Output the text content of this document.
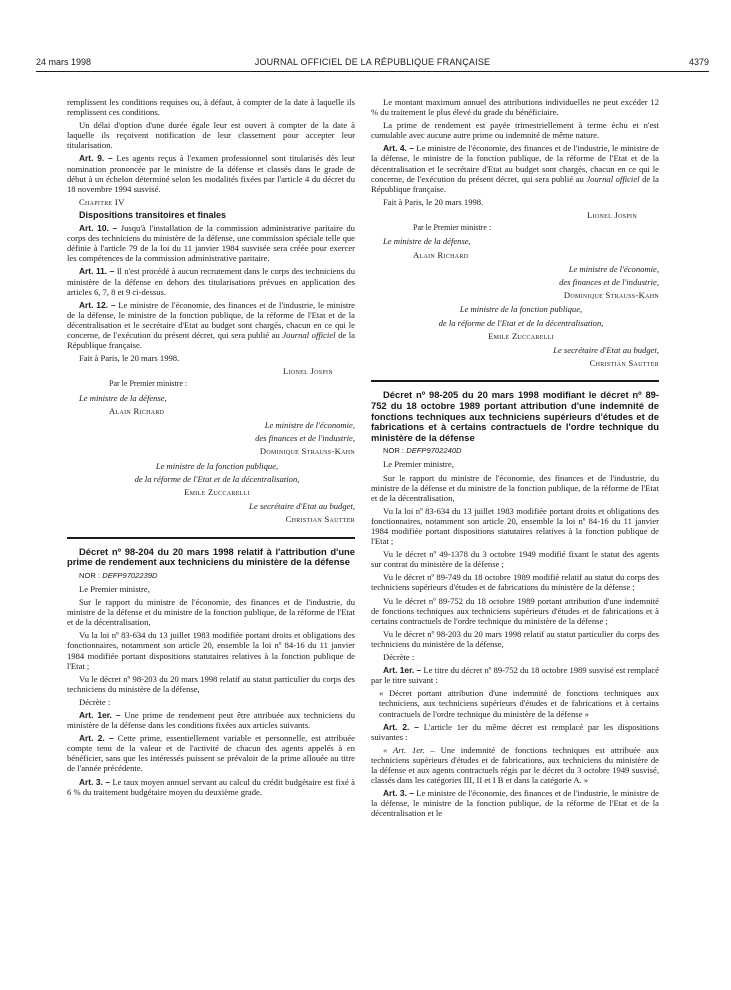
24 mars 1998	JOURNAL OFFICIEL DE LA RÉPUBLIQUE FRANÇAISE	4379

remplissent les conditions requises ou, à défaut, à compter de la date à laquelle ils remplissent ces conditions.

Un délai d'option d'une durée égale leur est ouvert à compter de la date à laquelle ils reçoivent notification de leur classement pour accepter leur titularisation.

Art. 9. – Les agents reçus à l'examen professionnel sont titularisés dès leur nomination prononcée par le ministre de la défense et classés dans le grade de début à un échelon déterminé selon les modalités fixées par l'article 4 du décret du 18 novembre 1994 susvisé.

Chapitre IV

Dispositions transitoires et finales

Art. 10. – Jusqu'à l'installation de la commission administrative paritaire du corps des techniciens du ministère de la défense, une commission spéciale telle que définie à l'article 79 de la loi du 11 janvier 1984 susvisée sera créée pour exercer les compétences de la commission administrative paritaire.

Art. 11. – Il n'est procédé à aucun recrutement dans le corps des techniciens du ministère de la défense en dehors des titularisations prévues en application des articles 6, 7, 8 et 9 ci-dessus.

Art. 12. – Le ministre de l'économie, des finances et de l'industrie, le ministre de la défense, le ministre de la fonction publique, de la réforme de l'Etat et de la décentralisation et le secrétaire d'Etat au budget sont chargés, chacun en ce qui le concerne, de l'exécution du présent décret, qui sera publié au Journal officiel de la République française.

Fait à Paris, le 20 mars 1998.

Lionel Jospin

Par le Premier ministre :

Le ministre de la défense,

Alain Richard

Le ministre de l'économie,

des finances et de l'industrie,

Dominique Strauss-Kahn

Le ministre de la fonction publique,

de la réforme de l'Etat et de la décentralisation,

Emile Zuccarelli

Le secrétaire d'Etat au budget,

Christian Sautter

Décret nº 98-204 du 20 mars 1998 relatif à l'attribution d'une prime de rendement aux techniciens du ministère de la défense

NOR : DEFP9702239D

Le Premier ministre,

Sur le rapport du ministre de l'économie, des finances et de l'industrie, du ministre de la défense et du ministre de la fonction publique, de la réforme de l'Etat et de la décentralisation,

Vu la loi nº 83-634 du 13 juillet 1983 modifiée portant droits et obligations des fonctionnaires, notamment son article 20, ensemble la loi nº 84-16 du 11 janvier 1984 modifiée portant dispositions statutaires relatives à la fonction publique de l'Etat ;

Vu le décret nº 98-203 du 20 mars 1998 relatif au statut particulier du corps des techniciens du ministère de la défense,

Décrète :

Art. 1er. – Une prime de rendement peut être attribuée aux techniciens du ministère de la défense dans les conditions fixées aux articles suivants.

Art. 2. – Cette prime, essentiellement variable et personnelle, est attribuée compte tenu de la valeur et de l'activité de chacun des agents appelés à en bénéficier, sans que les intéressés puissent se prévaloir de la prime allouée au titre de l'année précédente.

Art. 3. – Le taux moyen annuel servant au calcul du crédit budgétaire est fixé à 6 % du traitement budgétaire moyen du deuxième grade.

Le montant maximum annuel des attributions individuelles ne peut excéder 12 % du traitement le plus élevé du grade du bénéficiaire.

La prime de rendement est payée trimestriellement à terme échu et n'est cumulable avec aucune autre prime ou indemnité de même nature.

Art. 4. – Le ministre de l'économie, des finances et de l'industrie, le ministre de la défense, le ministre de la fonction publique, de la réforme de l'Etat et de la décentralisation et le secrétaire d'Etat au budget sont chargés, chacun en ce qui le concerne, de l'exécution du présent décret, qui sera publié au Journal officiel de la République française.

Fait à Paris, le 20 mars 1998.

Lionel Jospin

Par le Premier ministre :

Le ministre de la défense,

Alain Richard

Le ministre de l'économie,

des finances et de l'industrie,

Dominique Strauss-Kahn

Le ministre de la fonction publique,

de la réforme de l'Etat et de la décentralisation,

Emile Zuccarelli

Le secrétaire d'Etat au budget,

Christian Sautter

Décret nº 98-205 du 20 mars 1998 modifiant le décret nº 89-752 du 18 octobre 1989 portant attribution d'une indemnité de fonctions techniques aux techniciens supérieurs d'études et de fabrications et à certains contractuels de l'ordre technique du ministère de la défense

NOR : DEFP9702240D

Le Premier ministre,

Sur le rapport du ministre de l'économie, des finances et de l'industrie, du ministre de la défense et du ministre de la fonction publique, de la réforme de l'Etat et de la décentralisation,

Vu la loi nº 83-634 du 13 juillet 1983 modifiée portant droits et obligations des fonctionnaires, notamment son article 20, ensemble la loi nº 84-16 du 11 janvier 1984 modifiée portant dispositions statutaires relatives à la fonction publique de l'Etat ;

Vu le décret nº 49-1378 du 3 octobre 1949 modifié fixant le statut des agents sur contrat du ministère de la défense ;

Vu le décret nº 89-749 du 18 octobre 1989 modifié relatif au statut du corps des techniciens supérieurs d'études et de fabrications du ministère de la défense ;

Vu le décret nº 89-752 du 18 octobre 1989 portant attribution d'une indemnité de fonctions techniques aux techniciens supérieurs d'études et de fabrications et à certains contractuels de l'ordre technique du ministère de la défense ;

Vu le décret nº 98-203 du 20 mars 1998 relatif au statut particulier du corps des techniciens du ministère de la défense,

Décrète :

Art. 1er. – Le titre du décret nº 89-752 du 18 octobre 1989 susvisé est remplacé par le titre suivant :

« Décret portant attribution d'une indemnité de fonctions techniques aux techniciens, aux techniciens supérieurs d'études et de fabrications et à certains contractuels de l'ordre technique du ministère de la défense »

Art. 2. – L'article 1er du même décret est remplacé par les dispositions suivantes :

« Art. 1er. – Une indemnité de fonctions techniques est attribuée aux techniciens supérieurs d'études et de fabrications, aux techniciens du ministère de la défense et aux agents contractuels régis par le décret du 3 octobre 1949 susvisé, classés dans les catégories III, II et I B et dans la catégorie A. »

Art. 3. – Le ministre de l'économie, des finances et de l'industrie, le ministre de la défense, le ministre de la fonction publique, de la réforme de l'Etat et de la décentralisation et le
